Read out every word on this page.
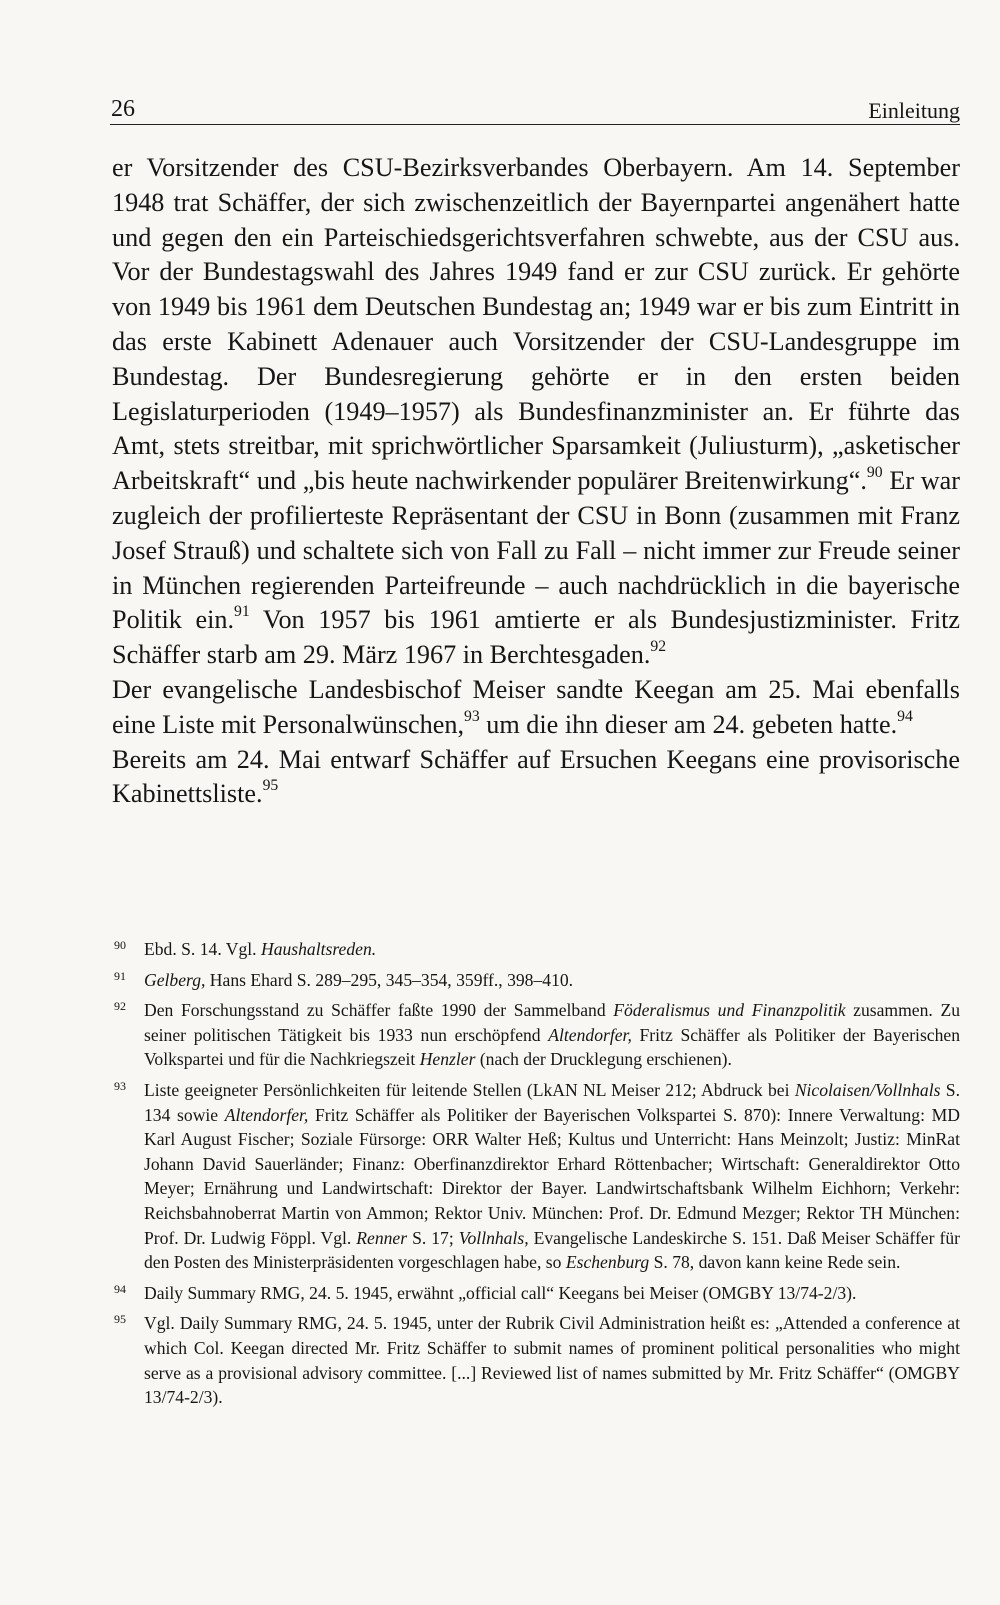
26	Einleitung

er Vorsitzender des CSU-Bezirksverbandes Oberbayern. Am 14. September 1948 trat Schäffer, der sich zwischenzeitlich der Bayernpartei angenähert hatte und gegen den ein Parteischiedsgerichtsverfahren schwebte, aus der CSU aus. Vor der Bundestagswahl des Jahres 1949 fand er zur CSU zurück. Er gehörte von 1949 bis 1961 dem Deutschen Bundestag an; 1949 war er bis zum Eintritt in das erste Kabinett Adenauer auch Vorsitzender der CSU-Landesgruppe im Bundestag. Der Bundesregierung gehörte er in den ersten beiden Legislaturperioden (1949–1957) als Bundesfinanzminister an. Er führte das Amt, stets streitbar, mit sprichwörtlicher Sparsamkeit (Juliusturm), „asketischer Arbeitskraft“ und „bis heute nachwirkender populärer Breitenwirkung“.$^{90}$ Er war zugleich der profilierteste Repräsentant der CSU in Bonn (zusammen mit Franz Josef Strauß) und schaltete sich von Fall zu Fall – nicht immer zur Freude seiner in München regierenden Parteifreunde – auch nachdrücklich in die bayerische Politik ein.$^{91}$ Von 1957 bis 1961 amtierte er als Bundesjustizminister. Fritz Schäffer starb am 29. März 1967 in Berchtesgaden.$^{92}$

Der evangelische Landesbischof Meiser sandte Keegan am 25. Mai ebenfalls eine Liste mit Personalwünschen,$^{93}$ um die ihn dieser am 24. gebeten hatte.$^{94}$

Bereits am 24. Mai entwarf Schäffer auf Ersuchen Keegans eine provisorische Kabinettsliste.$^{95}$

90 Ebd. S. 14. Vgl. Haushaltsreden.
91 Gelberg, Hans Ehard S. 289–295, 345–354, 359ff., 398–410.
92 Den Forschungsstand zu Schäffer faßte 1990 der Sammelband Föderalismus und Finanzpolitik zusammen. Zu seiner politischen Tätigkeit bis 1933 nun erschöpfend Altendorfer, Fritz Schäffer als Politiker der Bayerischen Volkspartei und für die Nachkriegszeit Henzler (nach der Drucklegung erschienen).
93 Liste geeigneter Persönlichkeiten für leitende Stellen (LkAN NL Meiser 212; Abdruck bei Nicolaisen/Vollnhals S. 134 sowie Altendorfer, Fritz Schäffer als Politiker der Bayerischen Volkspartei S. 870): Innere Verwaltung: MD Karl August Fischer; Soziale Fürsorge: ORR Walter Heß; Kultus und Unterricht: Hans Meinzolt; Justiz: MinRat Johann David Sauerländer; Finanz: Oberfinanzdirektor Erhard Röttenbacher; Wirtschaft: Generaldirektor Otto Meyer; Ernährung und Landwirtschaft: Direktor der Bayer. Landwirtschaftsbank Wilhelm Eichhorn; Verkehr: Reichsbahnoberrat Martin von Ammon; Rektor Univ. München: Prof. Dr. Edmund Mezger; Rektor TH München: Prof. Dr. Ludwig Föppl. Vgl. Renner S. 17; Vollnhals, Evangelische Landeskirche S. 151. Daß Meiser Schäffer für den Posten des Ministerpräsidenten vorgeschlagen habe, so Eschenburg S. 78, davon kann keine Rede sein.
94 Daily Summary RMG, 24. 5. 1945, erwähnt „official call“ Keegans bei Meiser (OMGBY 13/74-2/3).
95 Vgl. Daily Summary RMG, 24. 5. 1945, unter der Rubrik Civil Administration heißt es: „Attended a conference at which Col. Keegan directed Mr. Fritz Schäffer to submit names of prominent political personalities who might serve as a provisional advisory committee. [...] Reviewed list of names submitted by Mr. Fritz Schäffer“ (OMGBY 13/74-2/3).
